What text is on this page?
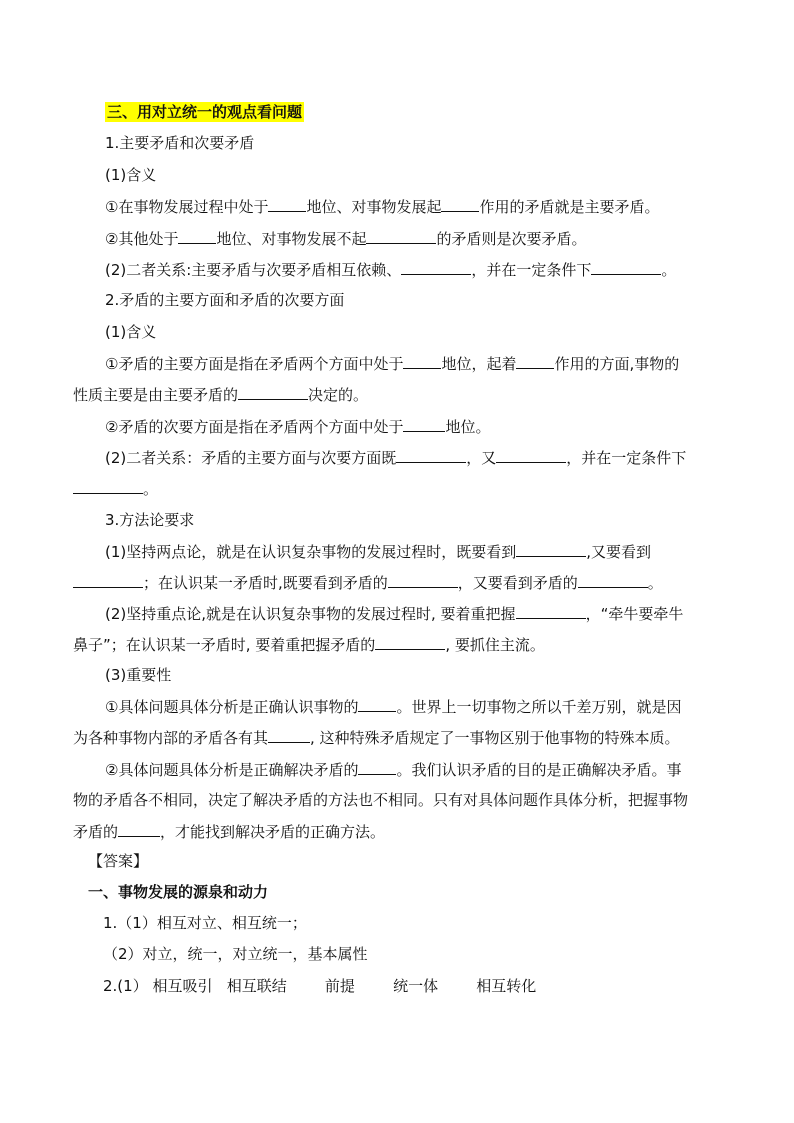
三、用对立统一的观点看问题
1.主要矛盾和次要矛盾
(1)含义
①在事物发展过程中处于	地位、对事物发展起	作用的矛盾就是主要矛盾。
②其他处于	地位、对事物发展不起	的矛盾则是次要矛盾。
(2)二者关系:主要矛盾与次要矛盾相互依赖、	，并在一定条件下	。
2.矛盾的主要方面和矛盾的次要方面
(1)含义
①矛盾的主要方面是指在矛盾两个方面中处于	地位，起着	作用的方面,事物的
性质主要是由主要矛盾的	决定的。
②矛盾的次要方面是指在矛盾两个方面中处于	地位。
(2)二者关系：矛盾的主要方面与次要方面既	，又	，并在一定条件下
。
3.方法论要求
(1)坚持两点论，就是在认识复杂事物的发展过程时，既要看到	,又要看到
；在认识某一矛盾时,既要看到矛盾的	，又要看到矛盾的	。
(2)坚持重点论,就是在认识复杂事物的发展过程时, 要着重把握	，“牵牛要牵牛
鼻子”；在认识某一矛盾时, 要着重把握矛盾的	, 要抓住主流。
(3)重要性
①具体问题具体分析是正确认识事物的	。世界上一切事物之所以千差万别，就是因
为各种事物内部的矛盾各有其	, 这种特殊矛盾规定了一事物区别于他事物的特殊本质。
②具体问题具体分析是正确解决矛盾的	。我们认识矛盾的目的是正确解决矛盾。事
物的矛盾各不相同，决定了解决矛盾的方法也不相同。只有对具体问题作具体分析，把握事物
矛盾的	，才能找到解决矛盾的正确方法。
【答案】
一、事物发展的源泉和动力
1.（1）相互对立、相互统一；
（2）对立，统一，对立统一，基本属性
2.(1） 相互吸引   相互联结        前提        统一体        相互转化
